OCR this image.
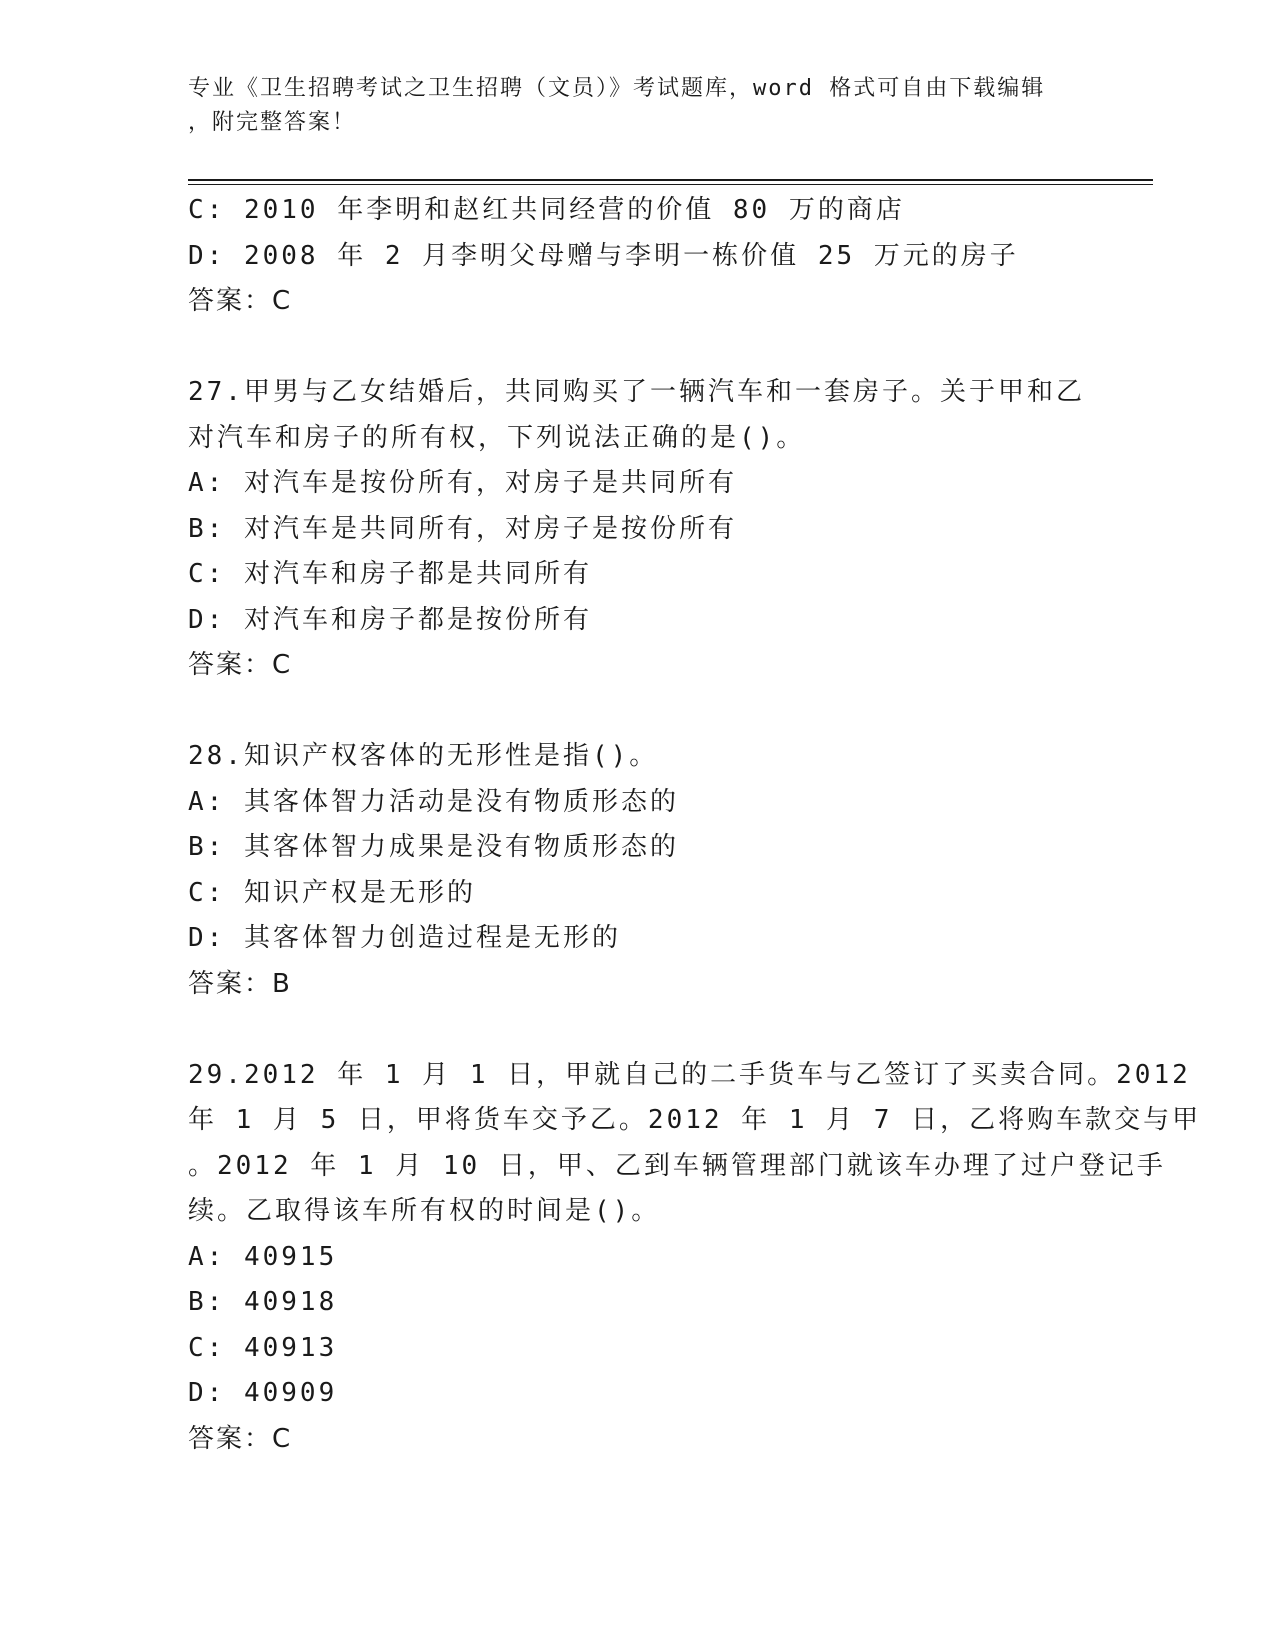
专业《卫生招聘考试之卫生招聘（文员）》考试题库，word 格式可自由下载编辑
，附完整答案！
C: 2010 年李明和赵红共同经营的价值 80 万的商店
D: 2008 年 2 月李明父母赠与李明一栋价值 25 万元的房子
答案：C
27.甲男与乙女结婚后，共同购买了一辆汽车和一套房子。关于甲和乙
对汽车和房子的所有权，下列说法正确的是()。
A: 对汽车是按份所有，对房子是共同所有
B: 对汽车是共同所有，对房子是按份所有
C: 对汽车和房子都是共同所有
D: 对汽车和房子都是按份所有
答案：C
28.知识产权客体的无形性是指()。
A: 其客体智力活动是没有物质形态的
B: 其客体智力成果是没有物质形态的
C: 知识产权是无形的
D: 其客体智力创造过程是无形的
答案：B
29.2012 年 1 月 1 日，甲就自己的二手货车与乙签订了买卖合同。2012
年 1 月 5 日，甲将货车交予乙。2012 年 1 月 7 日，乙将购车款交与甲
。2012 年 1 月 10 日，甲、乙到车辆管理部门就该车办理了过户登记手
续。乙取得该车所有权的时间是()。
A: 40915
B: 40918
C: 40913
D: 40909
答案：C
